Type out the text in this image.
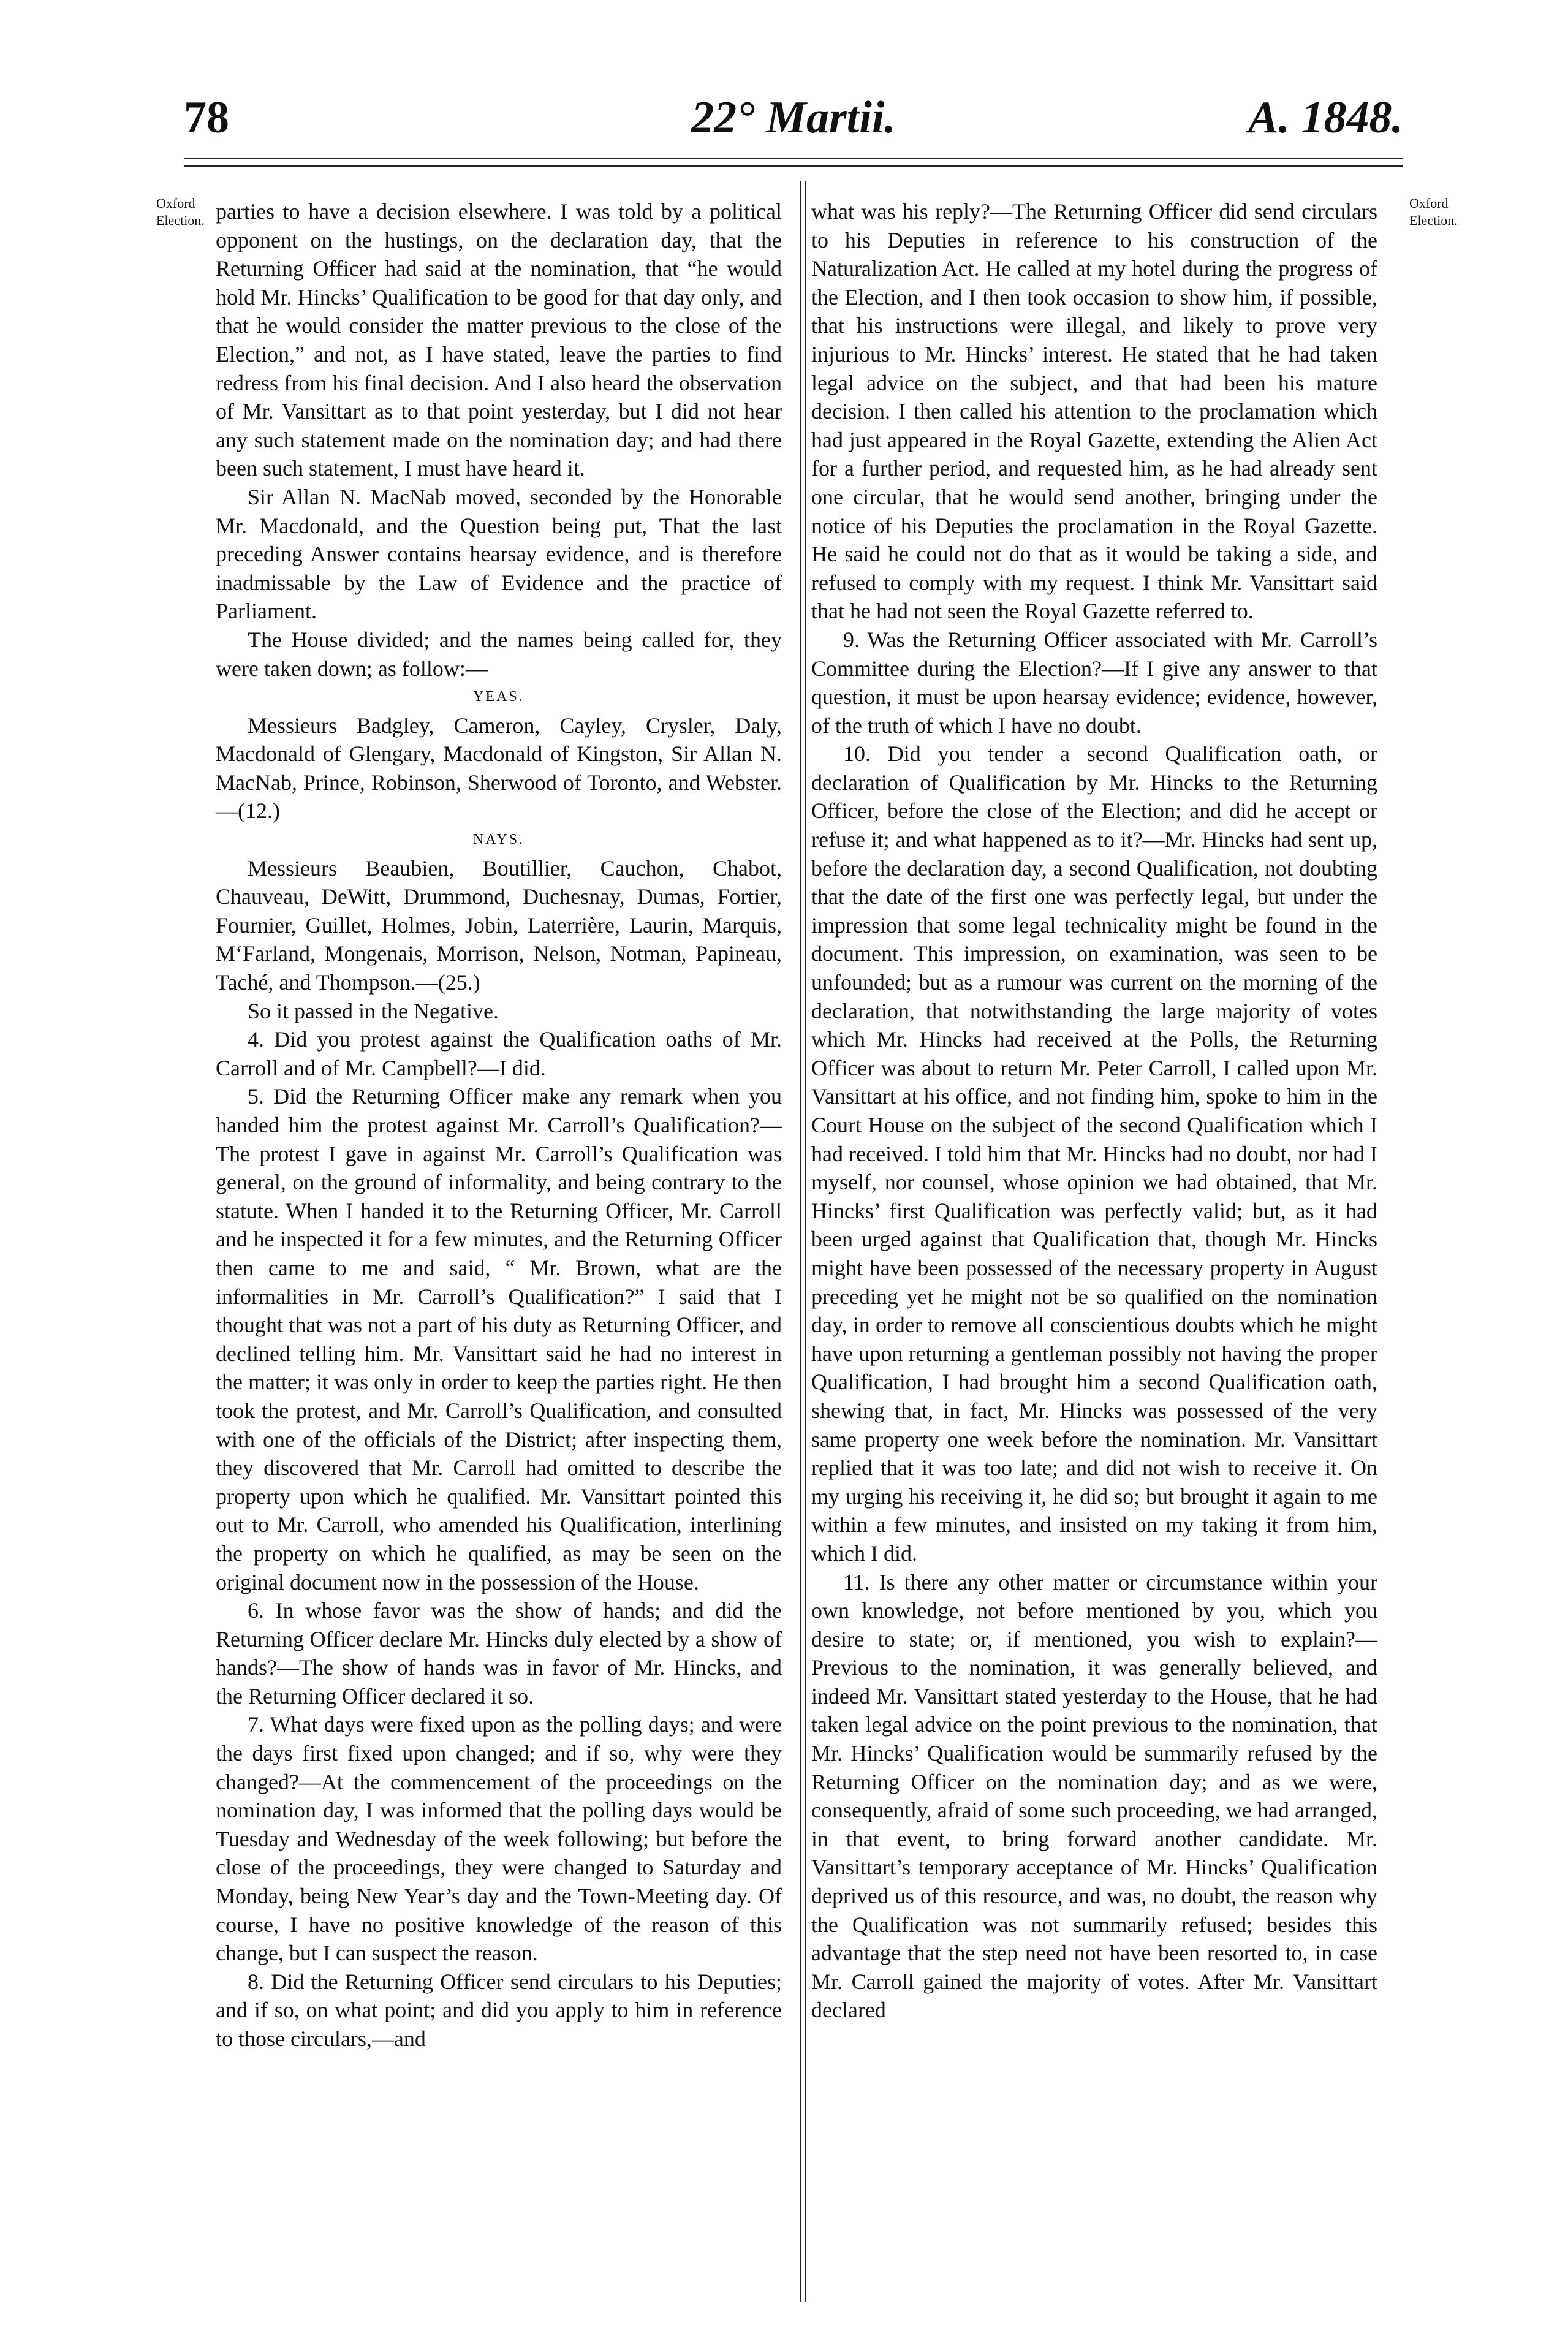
78	22° Martii.	A. 1848.
Oxford Election.
Oxford Election.

parties to have a decision elsewhere. I was told by a political opponent on the hustings, on the declaration day, that the Returning Officer had said at the nomination, that “he would hold Mr. Hincks’ Qualification to be good for that day only, and that he would consider the matter previous to the close of the Election,” and not, as I have stated, leave the parties to find redress from his final decision. And I also heard the observation of Mr. Vansittart as to that point yesterday, but I did not hear any such statement made on the nomination day; and had there been such statement, I must have heard it.

Sir Allan N. MacNab moved, seconded by the Honorable Mr. Macdonald, and the Question being put, That the last preceding Answer contains hearsay evidence, and is therefore inadmissable by the Law of Evidence and the practice of Parliament.

The House divided; and the names being called for, they were taken down; as follow:—

YEAS.

Messieurs Badgley, Cameron, Cayley, Crysler, Daly, Macdonald of Glengary, Macdonald of Kingston, Sir Allan N. MacNab, Prince, Robinson, Sherwood of Toronto, and Webster.—(12.)

NAYS.

Messieurs Beaubien, Boutillier, Cauchon, Chabot, Chauveau, DeWitt, Drummond, Duchesnay, Dumas, Fortier, Fournier, Guillet, Holmes, Jobin, Laterrière, Laurin, Marquis, M‘Farland, Mongenais, Morrison, Nelson, Notman, Papineau, Taché, and Thompson.—(25.)

So it passed in the Negative.

4. Did you protest against the Qualification oaths of Mr. Carroll and of Mr. Campbell?—I did.

5. Did the Returning Officer make any remark when you handed him the protest against Mr. Carroll’s Qualification?—The protest I gave in against Mr. Carroll’s Qualification was general, on the ground of informality, and being contrary to the statute. When I handed it to the Returning Officer, Mr. Carroll and he inspected it for a few minutes, and the Returning Officer then came to me and said, “ Mr. Brown, what are the informalities in Mr. Carroll’s Qualification?” I said that I thought that was not a part of his duty as Returning Officer, and declined telling him. Mr. Vansittart said he had no interest in the matter; it was only in order to keep the parties right. He then took the protest, and Mr. Carroll’s Qualification, and consulted with one of the officials of the District; after inspecting them, they discovered that Mr. Carroll had omitted to describe the property upon which he qualified. Mr. Vansittart pointed this out to Mr. Carroll, who amended his Qualification, interlining the property on which he qualified, as may be seen on the original document now in the possession of the House.

6. In whose favor was the show of hands; and did the Returning Officer declare Mr. Hincks duly elected by a show of hands?—The show of hands was in favor of Mr. Hincks, and the Returning Officer declared it so.

7. What days were fixed upon as the polling days; and were the days first fixed upon changed; and if so, why were they changed?—At the commencement of the proceedings on the nomination day, I was informed that the polling days would be Tuesday and Wednesday of the week following; but before the close of the proceedings, they were changed to Saturday and Monday, being New Year’s day and the Town-Meeting day. Of course, I have no positive knowledge of the reason of this change, but I can suspect the reason.

8. Did the Returning Officer send circulars to his Deputies; and if so, on what point; and did you apply to him in reference to those circulars,—and

what was his reply?—The Returning Officer did send circulars to his Deputies in reference to his construction of the Naturalization Act. He called at my hotel during the progress of the Election, and I then took occasion to show him, if possible, that his instructions were illegal, and likely to prove very injurious to Mr. Hincks’ interest. He stated that he had taken legal advice on the subject, and that had been his mature decision. I then called his attention to the proclamation which had just appeared in the Royal Gazette, extending the Alien Act for a further period, and requested him, as he had already sent one circular, that he would send another, bringing under the notice of his Deputies the proclamation in the Royal Gazette. He said he could not do that as it would be taking a side, and refused to comply with my request. I think Mr. Vansittart said that he had not seen the Royal Gazette referred to.

9. Was the Returning Officer associated with Mr. Carroll’s Committee during the Election?—If I give any answer to that question, it must be upon hearsay evidence; evidence, however, of the truth of which I have no doubt.

10. Did you tender a second Qualification oath, or declaration of Qualification by Mr. Hincks to the Returning Officer, before the close of the Election; and did he accept or refuse it; and what happened as to it?—Mr. Hincks had sent up, before the declaration day, a second Qualification, not doubting that the date of the first one was perfectly legal, but under the impression that some legal technicality might be found in the document. This impression, on examination, was seen to be unfounded; but as a rumour was current on the morning of the declaration, that notwithstanding the large majority of votes which Mr. Hincks had received at the Polls, the Returning Officer was about to return Mr. Peter Carroll, I called upon Mr. Vansittart at his office, and not finding him, spoke to him in the Court House on the subject of the second Qualification which I had received. I told him that Mr. Hincks had no doubt, nor had I myself, nor counsel, whose opinion we had obtained, that Mr. Hincks’ first Qualification was perfectly valid; but, as it had been urged against that Qualification that, though Mr. Hincks might have been possessed of the necessary property in August preceding yet he might not be so qualified on the nomination day, in order to remove all conscientious doubts which he might have upon returning a gentleman possibly not having the proper Qualification, I had brought him a second Qualification oath, shewing that, in fact, Mr. Hincks was possessed of the very same property one week before the nomination. Mr. Vansittart replied that it was too late; and did not wish to receive it. On my urging his receiving it, he did so; but brought it again to me within a few minutes, and insisted on my taking it from him, which I did.

11. Is there any other matter or circumstance within your own knowledge, not before mentioned by you, which you desire to state; or, if mentioned, you wish to explain?—Previous to the nomination, it was generally believed, and indeed Mr. Vansittart stated yesterday to the House, that he had taken legal advice on the point previous to the nomination, that Mr. Hincks’ Qualification would be summarily refused by the Returning Officer on the nomination day; and as we were, consequently, afraid of some such proceeding, we had arranged, in that event, to bring forward another candidate. Mr. Vansittart’s temporary acceptance of Mr. Hincks’ Qualification deprived us of this resource, and was, no doubt, the reason why the Qualification was not summarily refused; besides this advantage that the step need not have been resorted to, in case Mr. Carroll gained the majority of votes. After Mr. Vansittart declared
